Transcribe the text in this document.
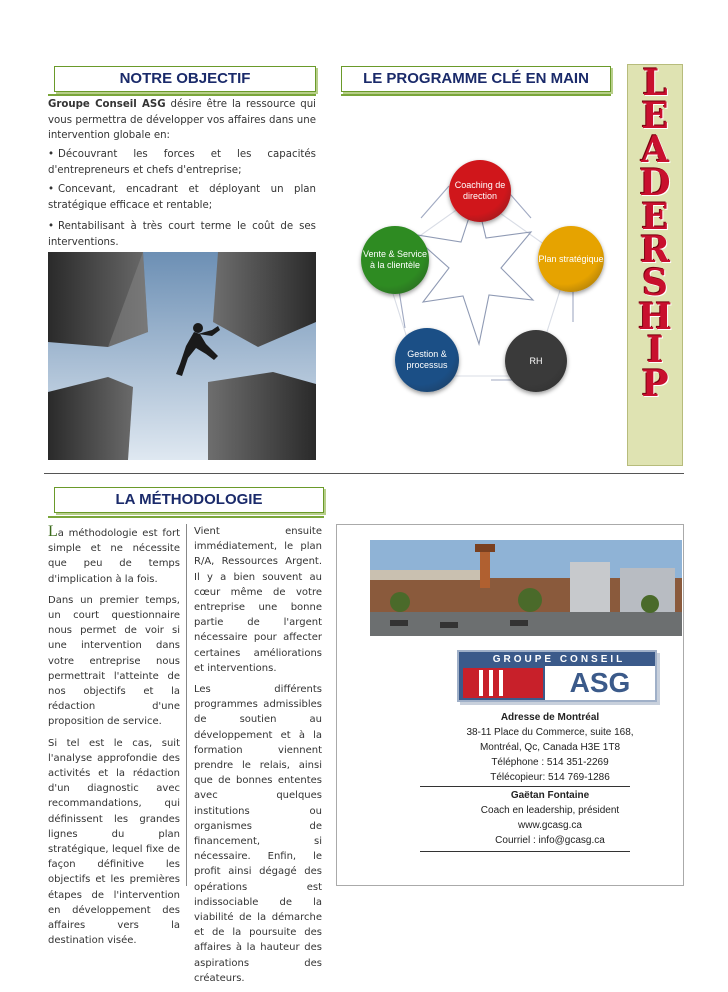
NOTRE OBJECTIF	LE PROGRAMME CLÉ EN MAIN
Groupe Conseil ASG désire être la ressource qui vous permettra de développer vos affaires dans une intervention globale en:
• Découvrant les forces et les capacités d'entrepreneurs et chefs d'entreprise;
• Concevant, encadrant et déployant un plan stratégique efficace et rentable;
• Rentabilisant à très court terme le coût de ses interventions.
Coaching de direction
Plan stratégique
RH
Gestion & processus
Vente & Service à la clientèle
L
E
A
D
E
R
S
H
I
P
LA MÉTHODOLOGIE

La méthodologie est fort simple et ne nécessite que peu de temps d'implication à la fois.

Dans un premier temps, un court questionnaire nous permet de voir si une intervention dans votre entreprise nous permettrait l'atteinte de nos objectifs et la rédaction d'une proposition de service.

Si tel est le cas, suit l'analyse approfondie des activités et la rédaction d'un diagnostic avec recommandations, qui définissent les grandes lignes du plan stratégique, lequel fixe de façon définitive les objectifs et les premières étapes de l'intervention en développement des affaires vers la destination visée.

Vient ensuite immédiatement, le plan R/A, Ressources Argent. Il y a bien souvent au cœur même de votre entreprise une bonne partie de l'argent nécessaire pour affecter certaines améliorations et interventions.

Les différents programmes admissibles de soutien au développement et à la formation viennent prendre le relais, ainsi que de bonnes ententes avec quelques institutions ou organismes de financement, si nécessaire. Enfin, le profit ainsi dégagé des opérations est indissociable de la viabilité de la démarche et de la poursuite des affaires à la hauteur des aspirations des créateurs.

GROUPE CONSEIL
ASG
Adresse de Montréal
38-11 Place du Commerce, suite 168,
Montréal, Qc, Canada H3E 1T8
Téléphone : 514 351-2269
Télécopieur: 514 769-1286
Gaëtan Fontaine
Coach en leadership, président
www.gcasg.ca
Courriel : info@gcasg.ca
